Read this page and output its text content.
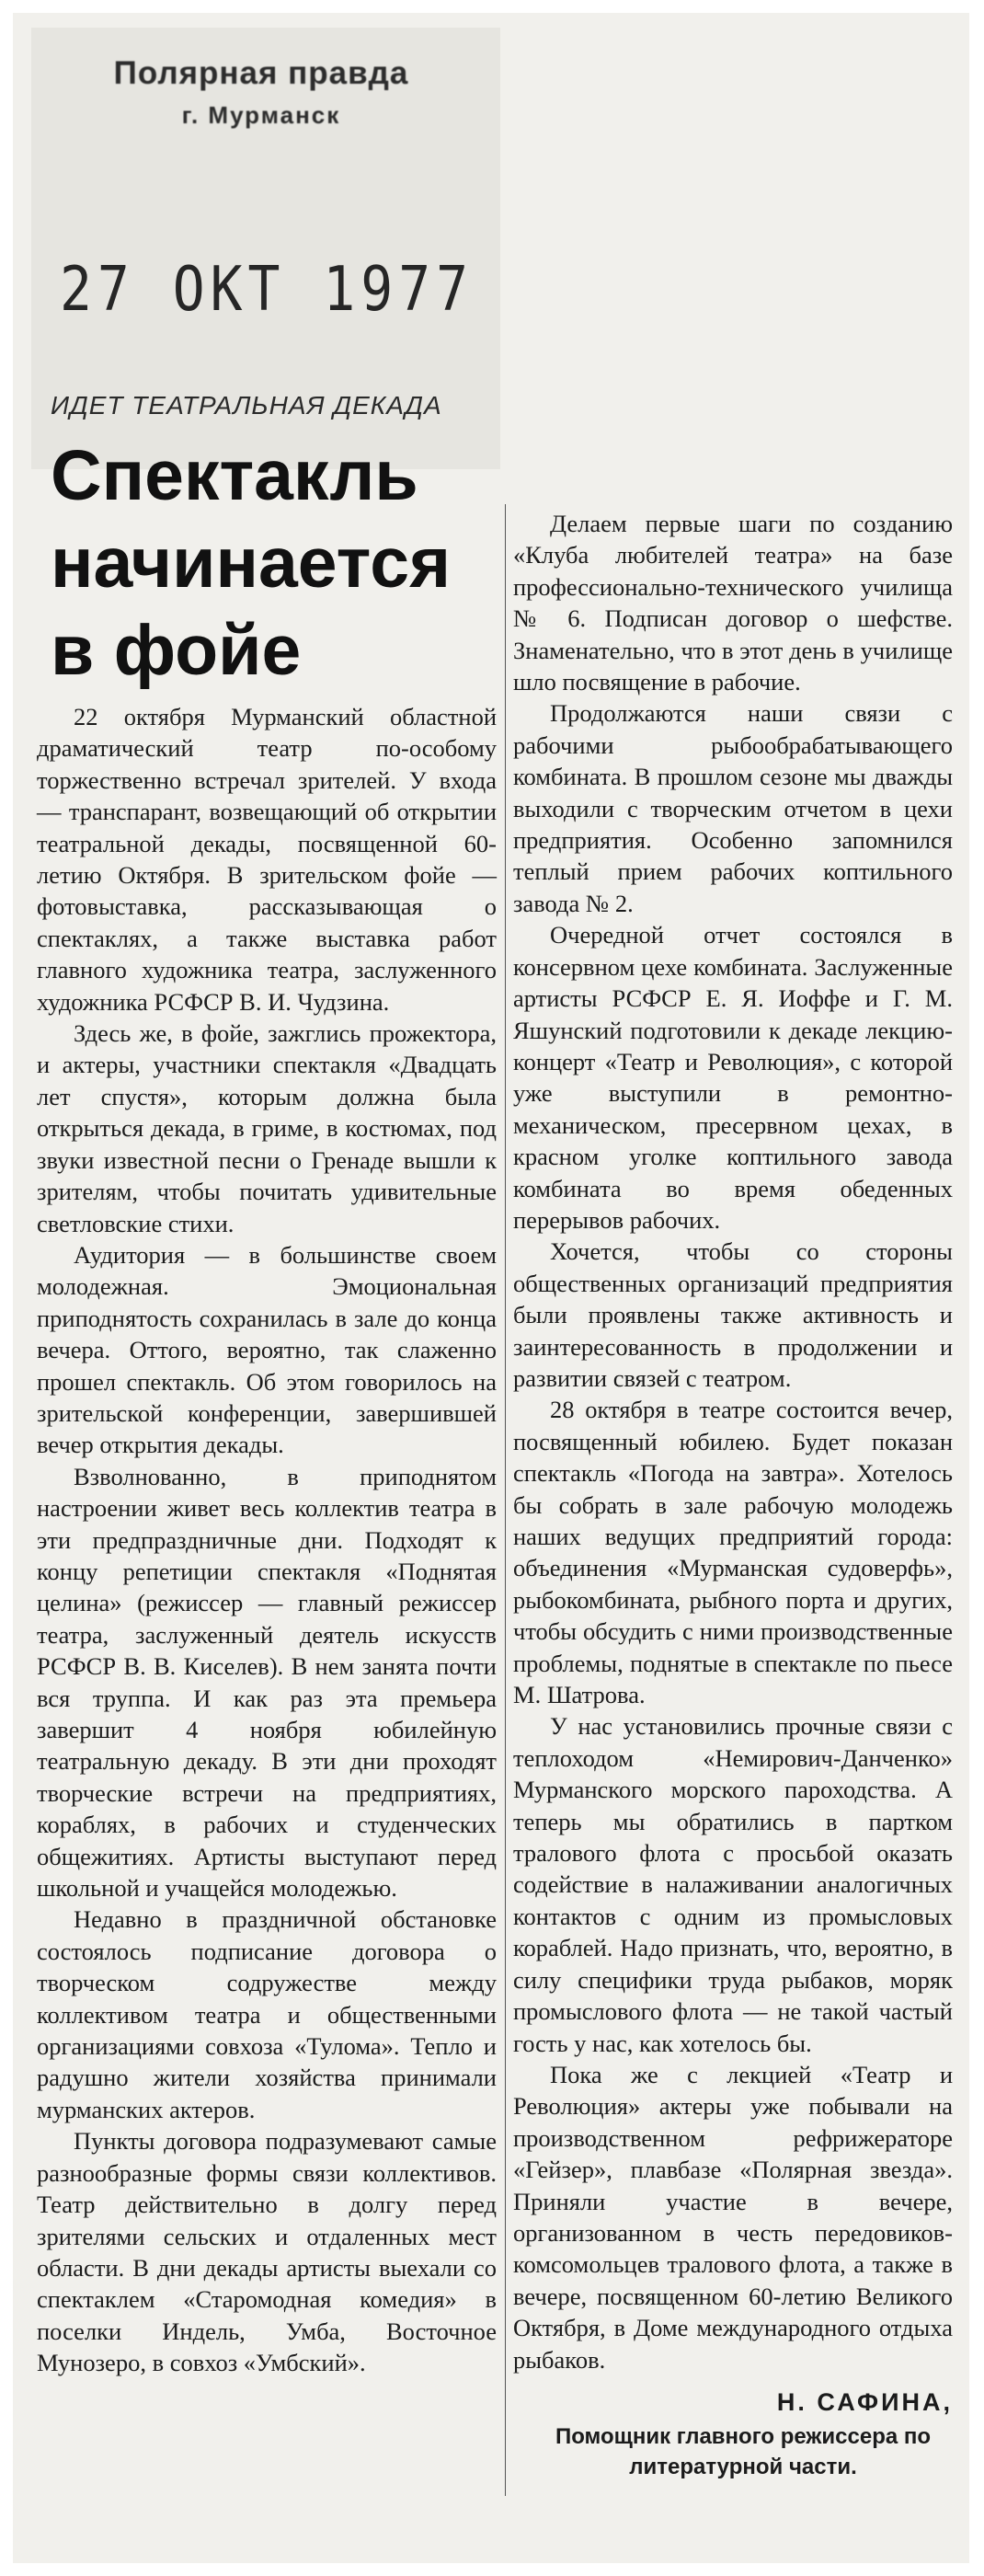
Полярная правда
г. Мурманск
27 ОКТ 1977
ИДЕТ ТЕАТРАЛЬНАЯ ДЕКАДА
Спектакль
начинается
в фойе

22 октября Мурманский областной драматический театр по-особому торжественно встречал зрителей. У входа — транспарант, возвещающий об открытии театральной декады, посвященной 60-летию Октября. В зрительском фойе — фотовыставка, рассказывающая о спектаклях, а также выставка работ главного художника театра, заслуженного художника РСФСР В. И. Чудзина.

Здесь же, в фойе, зажглись прожектора, и актеры, участники спектакля «Двадцать лет спустя», которым должна была открыться декада, в гриме, в костюмах, под звуки известной песни о Гренаде вышли к зрителям, чтобы почитать удивительные светловские стихи.

Аудитория — в большинстве своем молодежная. Эмоциональная приподнятость сохранилась в зале до конца вечера. Оттого, вероятно, так слаженно прошел спектакль. Об этом говорилось на зрительской конференции, завершившей вечер открытия декады.

Взволнованно, в приподнятом настроении живет весь коллектив театра в эти предпраздничные дни. Подходят к концу репетиции спектакля «Поднятая целина» (режиссер — главный режиссер театра, заслуженный деятель искусств РСФСР В. В. Киселев). В нем занята почти вся труппа. И как раз эта премьера завершит 4 ноября юбилейную театральную декаду. В эти дни проходят творческие встречи на предприятиях, кораблях, в рабочих и студенческих общежитиях. Артисты выступают перед школьной и учащейся молодежью.

Недавно в праздничной обстановке состоялось подписание договора о творческом содружестве между коллективом театра и общественными организациями совхоза «Тулома». Тепло и радушно жители хозяйства принимали мурманских актеров.

Пункты договора подразумевают самые разнообразные формы связи коллективов. Театр действительно в долгу перед зрителями сельских и отдаленных мест области. В дни декады артисты выехали со спектаклем «Старомодная комедия» в поселки Индель, Умба, Восточное Мунозеро, в совхоз «Умбский».

Делаем первые шаги по созданию «Клуба любителей театра» на базе профессионально-технического училища № 6. Подписан договор о шефстве. Знаменательно, что в этот день в училище шло посвящение в рабочие.

Продолжаются наши связи с рабочими рыбообрабатывающего комбината. В прошлом сезоне мы дважды выходили с творческим отчетом в цехи предприятия. Особенно запомнился теплый прием рабочих коптильного завода № 2.

Очередной отчет состоялся в консервном цехе комбината. Заслуженные артисты РСФСР Е. Я. Иоффе и Г. М. Яшунский подготовили к декаде лекцию-концерт «Театр и Революция», с которой уже выступили в ремонтно-механическом, пресервном цехах, в красном уголке коптильного завода комбината во время обеденных перерывов рабочих.

Хочется, чтобы со стороны общественных организаций предприятия были проявлены также активность и заинтересованность в продолжении и развитии связей с театром.

28 октября в театре состоится вечер, посвященный юбилею. Будет показан спектакль «Погода на завтра». Хотелось бы собрать в зале рабочую молодежь наших ведущих предприятий города: объединения «Мурманская судоверфь», рыбокомбината, рыбного порта и других, чтобы обсудить с ними производственные проблемы, поднятые в спектакле по пьесе М. Шатрова.

У нас установились прочные связи с теплоходом «Немирович-Данченко» Мурманского морского пароходства. А теперь мы обратились в партком тралового флота с просьбой оказать содействие в налаживании аналогичных контактов с одним из промысловых кораблей. Надо признать, что, вероятно, в силу специфики труда рыбаков, моряк промыслового флота — не такой частый гость у нас, как хотелось бы.

Пока же с лекцией «Театр и Революция» актеры уже побывали на производственном рефрижераторе «Гейзер», плавбазе «Полярная звезда». Приняли участие в вечере, организованном в честь передовиков-комсомольцев тралового флота, а также в вечере, посвященном 60-летию Великого Октября, в Доме международного отдыха рыбаков.

Н. САФИНА,
Помощник главного режиссера по литературной части.
